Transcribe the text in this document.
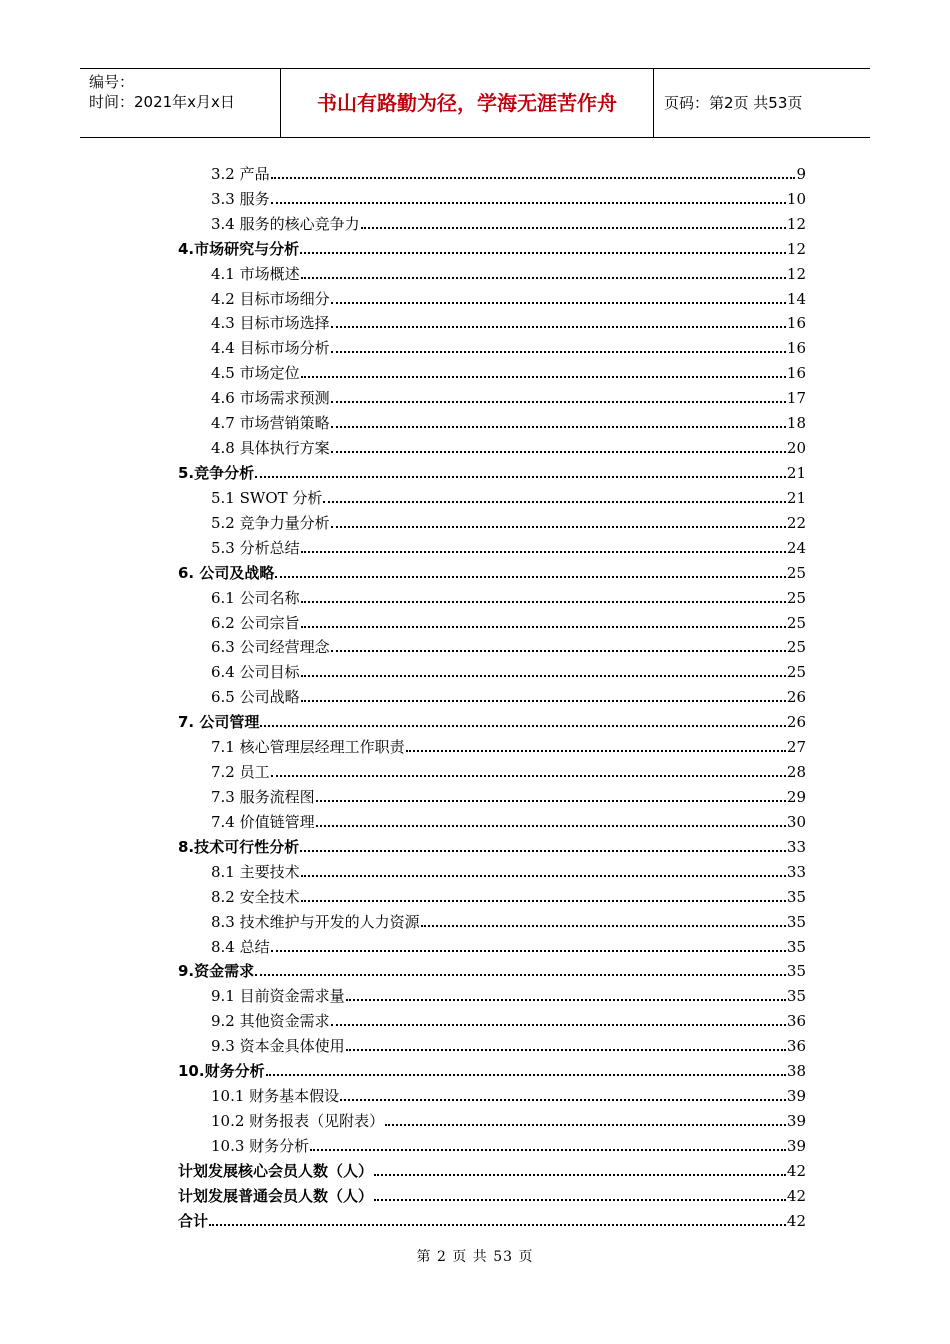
编号：
时间：2021年x月x日	书山有路勤为径，学海无涯苦作舟	页码：第2页 共53页
3.2 产品	9
3.3 服务	10
3.4 服务的核心竞争力	12
4.市场研究与分析	12
4.1 市场概述	12
4.2 目标市场细分	14
4.3 目标市场选择	16
4.4 目标市场分析	16
4.5 市场定位	16
4.6 市场需求预测	17
4.7 市场营销策略	18
4.8 具体执行方案	20
5.竞争分析	21
5.1 SWOT 分析	21
5.2 竞争力量分析	22
5.3 分析总结	24
6. 公司及战略	25
6.1 公司名称	25
6.2 公司宗旨	25
6.3 公司经营理念	25
6.4 公司目标	25
6.5 公司战略	26
7. 公司管理	26
7.1 核心管理层经理工作职责	27
7.2 员工	28
7.3 服务流程图	29
7.4 价值链管理	30
8.技术可行性分析	33
8.1 主要技术	33
8.2 安全技术	35
8.3 技术维护与开发的人力资源	35
8.4 总结	35
9.资金需求	35
9.1 目前资金需求量	35
9.2 其他资金需求	36
9.3 资本金具体使用	36
10.财务分析	38
10.1 财务基本假设	39
10.2 财务报表（见附表）	39
10.3 财务分析	39
计划发展核心会员人数（人）	42
计划发展普通会员人数（人）	42
合计	42
第 2 页 共 53 页
